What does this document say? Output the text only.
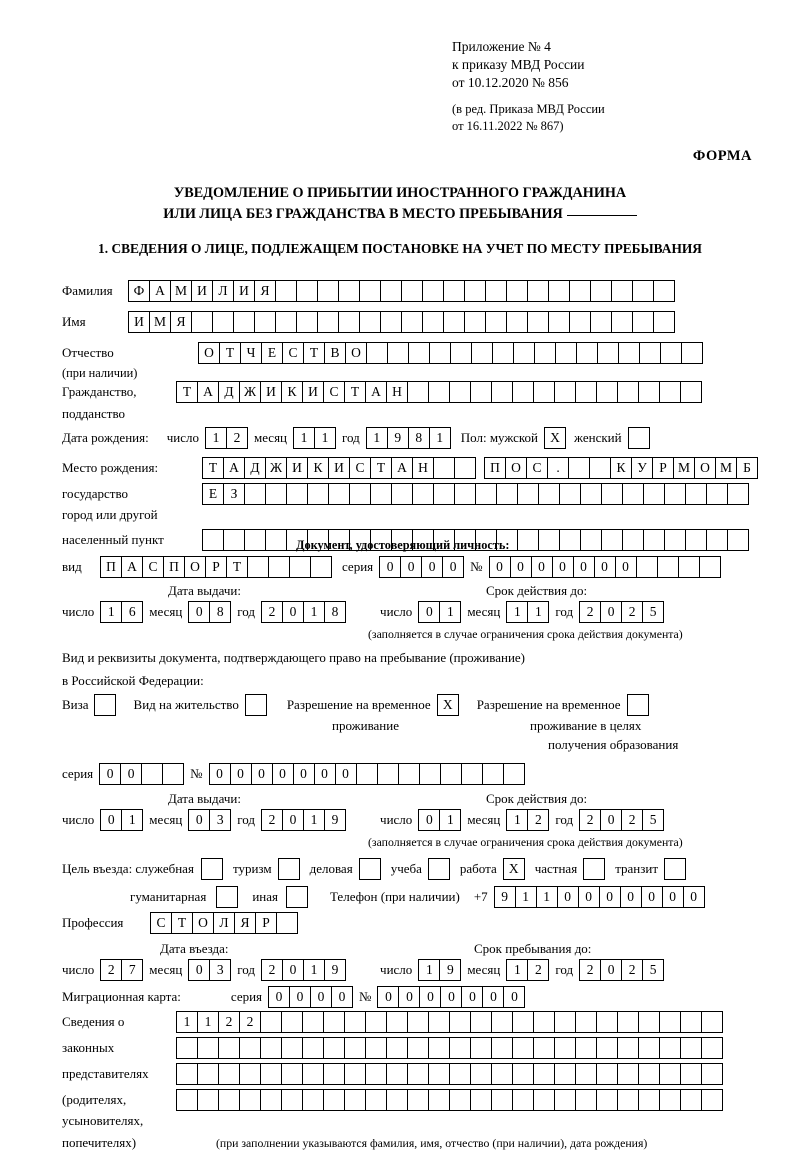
Приложение № 4
к приказу МВД России
от 10.12.2020 № 856
(в ред. Приказа МВД России
от 16.11.2022 № 867)
ФОРМА
УВЕДОМЛЕНИЕ О ПРИБЫТИИ ИНОСТРАННОГО ГРАЖДАНИНА
ИЛИ ЛИЦА БЕЗ ГРАЖДАНСТВА В МЕСТО ПРЕБЫВАНИЯ
1. СВЕДЕНИЯ О ЛИЦЕ, ПОДЛЕЖАЩЕМ ПОСТАНОВКЕ НА УЧЕТ ПО МЕСТУ ПРЕБЫВАНИЯ
Фамилия	Ф А М И Л И Я
Имя	И М Я
Отчество	О Т Ч Е С Т В О
(при наличии)
Гражданство,	Т А Д Ж И К И С Т А Н
подданство
Дата рождения: число	1	2	месяц	1	1	год	1	9	8	1	Пол: мужской X	женский
Место рождения:	Т А Д Ж И К И С Т А Н	П О С	.	К У Р М О М Б
государство	Е З
город или другой
населенный пункт	Документ, удостоверяющий личность:
вид	П А С П О Р Т	серия	0	0	0	0	№	0	0	0	0	0	0	0
Дата выдачи:	Срок действия до:
число	1	6	месяц	0	8	год	2	0	1	8	число	0	1	месяц	1	1	год	2	0	2	5
(заполняется в случае ограничения срока действия документа)
Вид и реквизиты документа, подтверждающего право на пребывание (проживание)
в Российской Федерации:
Виза	Вид на жительство	Разрешение на временное X	Разрешение на временное
проживание	проживание в целях
получения образования
серия	0	0	№	0	0	0	0	0	0	0
Дата выдачи:	Срок действия до:
число	0	1	месяц	0	3	год	2	0	1	9	число	0	1	месяц	1	2	год	2	0	2	5
(заполняется в случае ограничения срока действия документа)
Цель въезда: служебная	туризм	деловая	учеба	работа X	частная	транзит
гуманитарная	иная	Телефон (при наличии) +7	9	1	1	0	0	0	0	0	0	0
Профессия	С Т О Л Я Р
Дата въезда:	Срок пребывания до:
число	2	7	месяц	0	3	год	2	0	1	9	число	1	9	месяц	1	2	год	2	0	2	5
Миграционная карта:	серия	0	0	0	0	№	0	0	0	0	0	0	0
Сведения о	1	1	2	2
законных
представителях
(родителях,
усыновителях,
попечителях)	(при заполнении указываются фамилия, имя, отчество (при наличии), дата рождения)
